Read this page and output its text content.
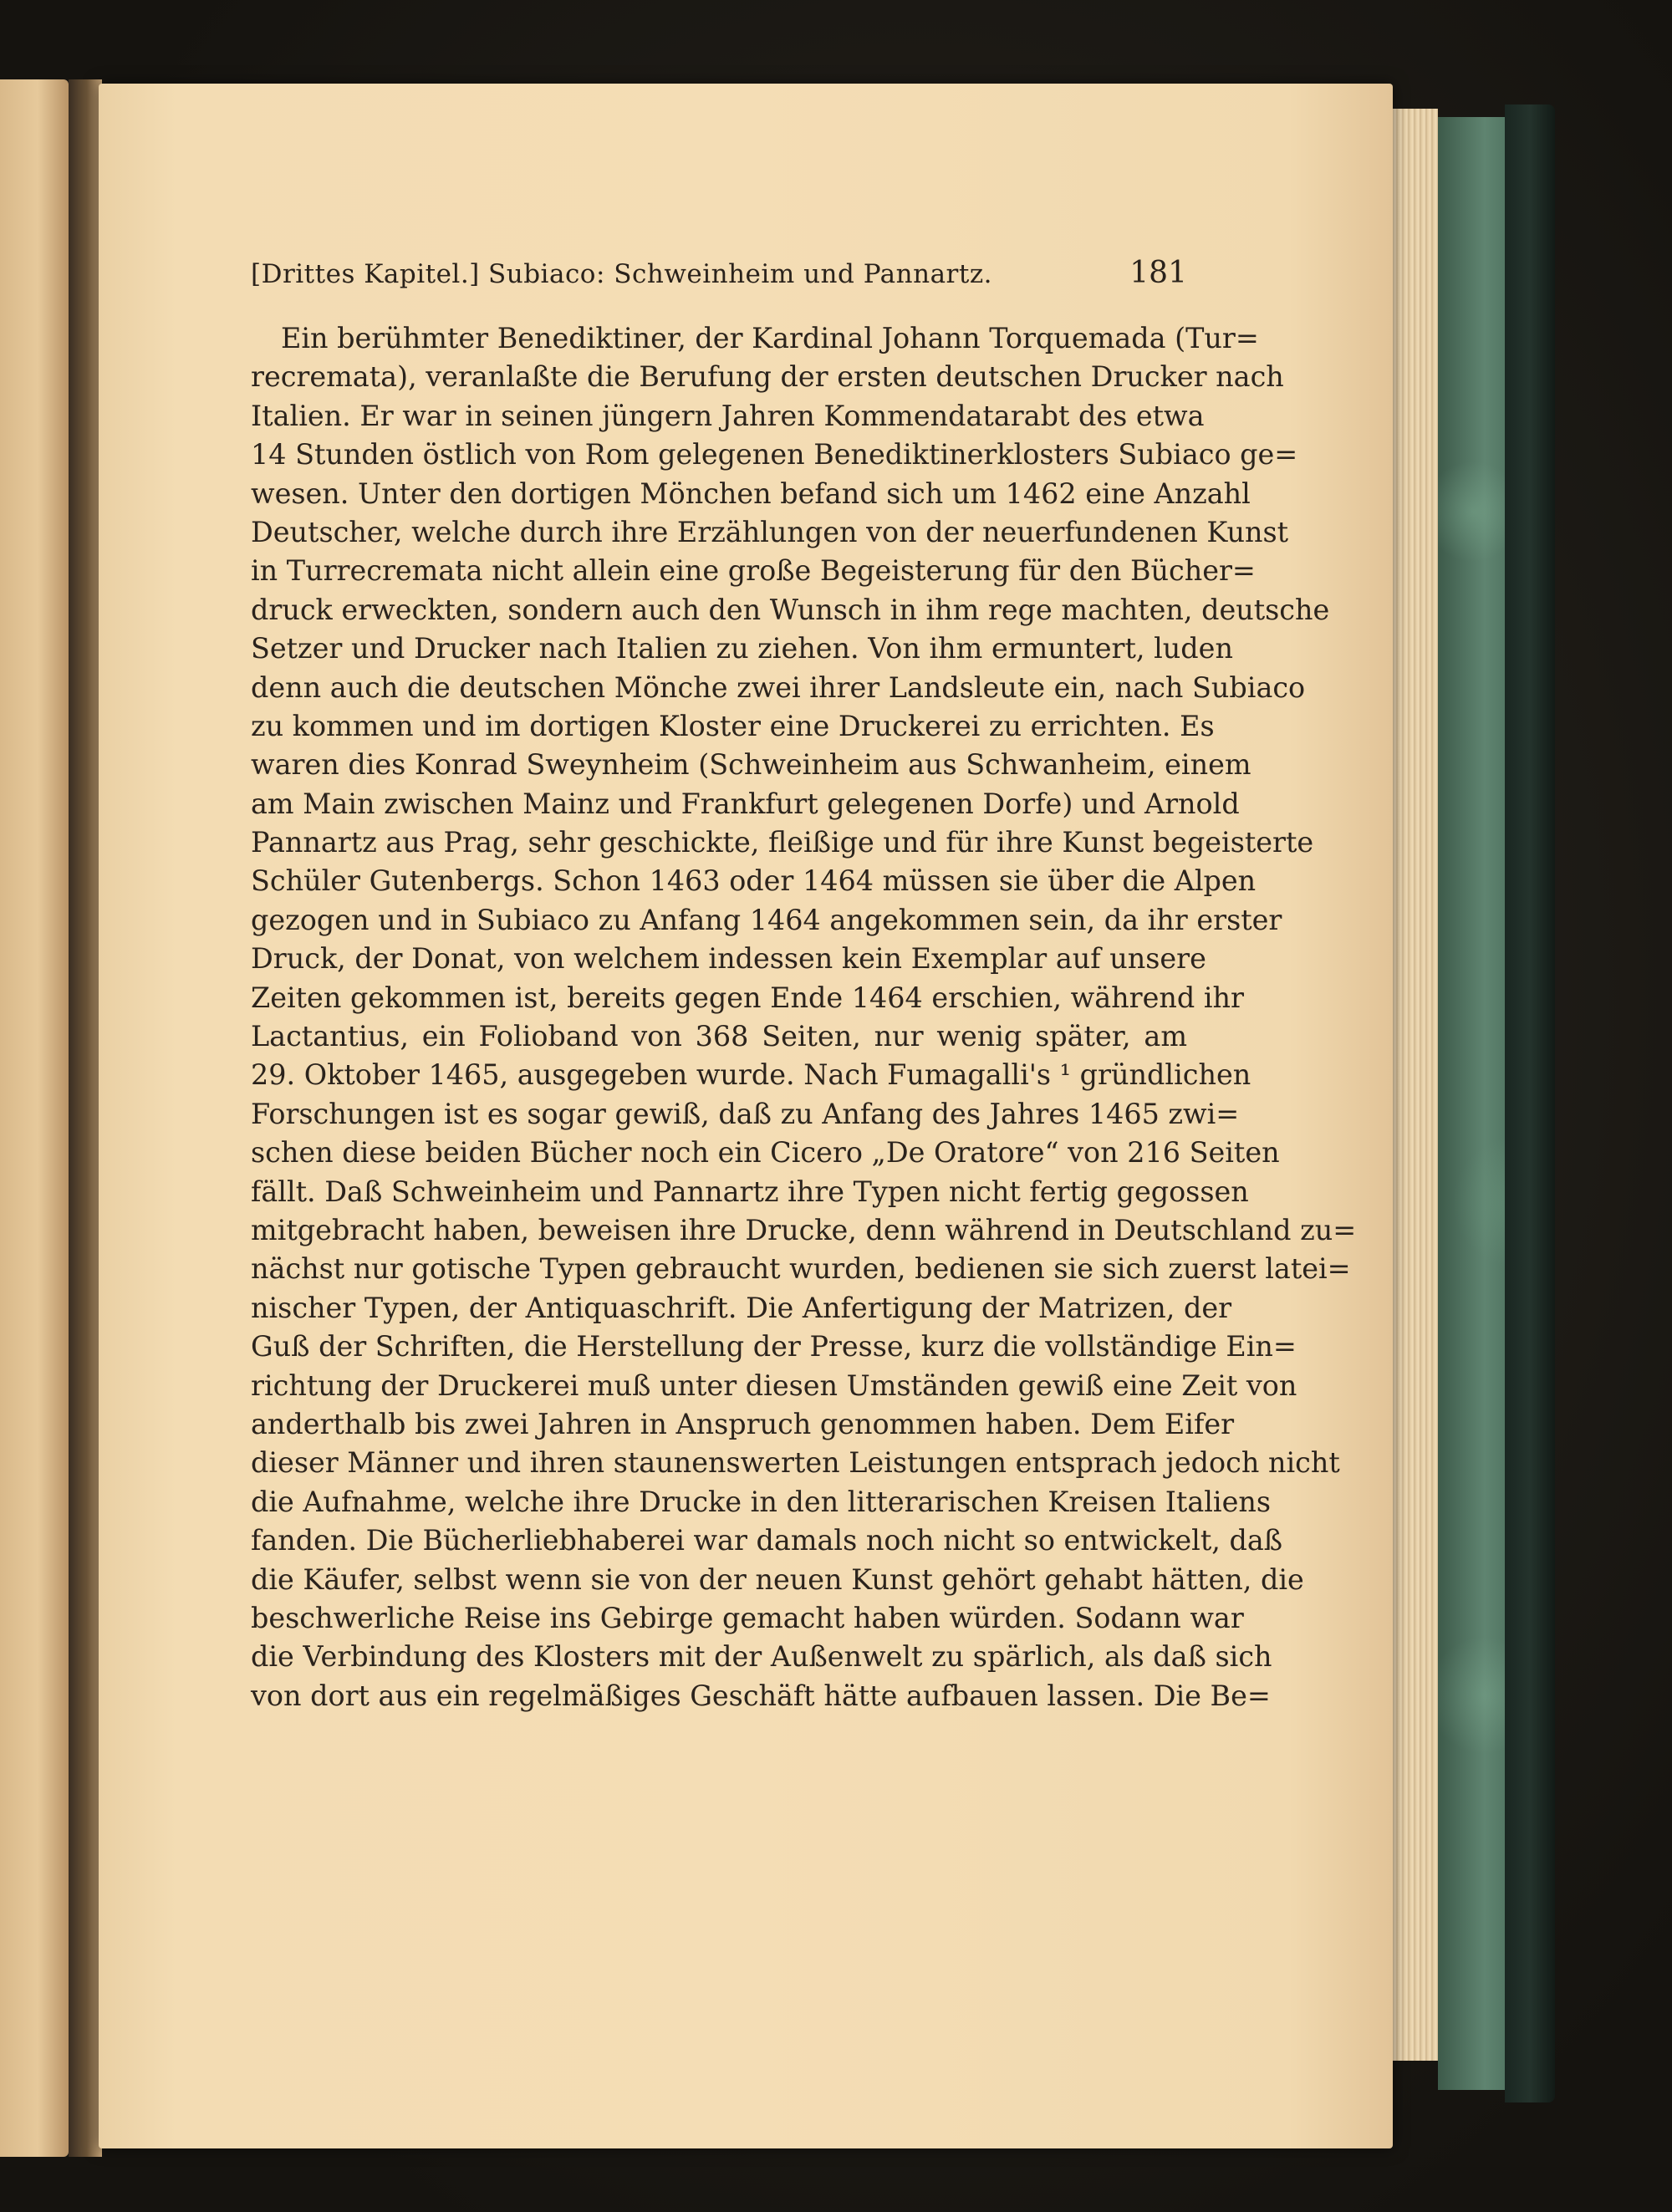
[Drittes Kapitel.] Subiaco: Schweinheim und Pannartz.	181
Ein berühmter Benediktiner, der Kardinal Johann Torquemada (Tur=
recremata), veranlaßte die Berufung der ersten deutschen Drucker nach
Italien. Er war in seinen jüngern Jahren Kommendatarabt des etwa
14 Stunden östlich von Rom gelegenen Benediktinerklosters Subiaco ge=
wesen. Unter den dortigen Mönchen befand sich um 1462 eine Anzahl
Deutscher, welche durch ihre Erzählungen von der neuerfundenen Kunst
in Turrecremata nicht allein eine große Begeisterung für den Bücher=
druck erweckten, sondern auch den Wunsch in ihm rege machten, deutsche
Setzer und Drucker nach Italien zu ziehen. Von ihm ermuntert, luden
denn auch die deutschen Mönche zwei ihrer Landsleute ein, nach Subiaco
zu kommen und im dortigen Kloster eine Druckerei zu errichten. Es
waren dies Konrad Sweynheim (Schweinheim aus Schwanheim, einem
am Main zwischen Mainz und Frankfurt gelegenen Dorfe) und Arnold
Pannartz aus Prag, sehr geschickte, fleißige und für ihre Kunst begeisterte
Schüler Gutenbergs. Schon 1463 oder 1464 müssen sie über die Alpen
gezogen und in Subiaco zu Anfang 1464 angekommen sein, da ihr erster
Druck, der Donat, von welchem indessen kein Exemplar auf unsere
Zeiten gekommen ist, bereits gegen Ende 1464 erschien, während ihr
Lactantius, ein Folioband von 368 Seiten, nur wenig später, am
29. Oktober 1465, ausgegeben wurde. Nach Fumagalli's ¹ gründlichen
Forschungen ist es sogar gewiß, daß zu Anfang des Jahres 1465 zwi=
schen diese beiden Bücher noch ein Cicero „De Oratore“ von 216 Seiten
fällt. Daß Schweinheim und Pannartz ihre Typen nicht fertig gegossen
mitgebracht haben, beweisen ihre Drucke, denn während in Deutschland zu=
nächst nur gotische Typen gebraucht wurden, bedienen sie sich zuerst latei=
nischer Typen, der Antiquaschrift. Die Anfertigung der Matrizen, der
Guß der Schriften, die Herstellung der Presse, kurz die vollständige Ein=
richtung der Druckerei muß unter diesen Umständen gewiß eine Zeit von
anderthalb bis zwei Jahren in Anspruch genommen haben. Dem Eifer
dieser Männer und ihren staunenswerten Leistungen entsprach jedoch nicht
die Aufnahme, welche ihre Drucke in den litterarischen Kreisen Italiens
fanden. Die Bücherliebhaberei war damals noch nicht so entwickelt, daß
die Käufer, selbst wenn sie von der neuen Kunst gehört gehabt hätten, die
beschwerliche Reise ins Gebirge gemacht haben würden. Sodann war
die Verbindung des Klosters mit der Außenwelt zu spärlich, als daß sich
von dort aus ein regelmäßiges Geschäft hätte aufbauen lassen. Die Be=
